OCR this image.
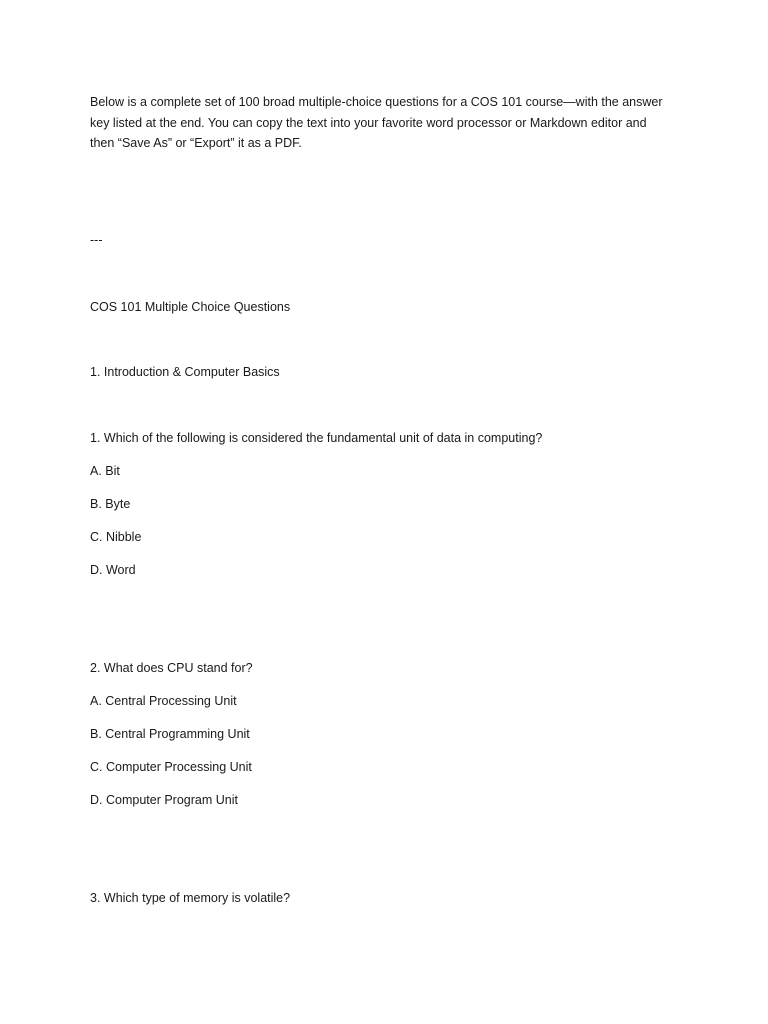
Below is a complete set of 100 broad multiple-choice questions for a COS 101 course—with the answer
key listed at the end. You can copy the text into your favorite word processor or Markdown editor and
then “Save As” or “Export” it as a PDF.

---

COS 101 Multiple Choice Questions

1. Introduction & Computer Basics

1. Which of the following is considered the fundamental unit of data in computing?

A. Bit

B. Byte

C. Nibble

D. Word

2. What does CPU stand for?

A. Central Processing Unit

B. Central Programming Unit

C. Computer Processing Unit

D. Computer Program Unit

3. Which type of memory is volatile?
